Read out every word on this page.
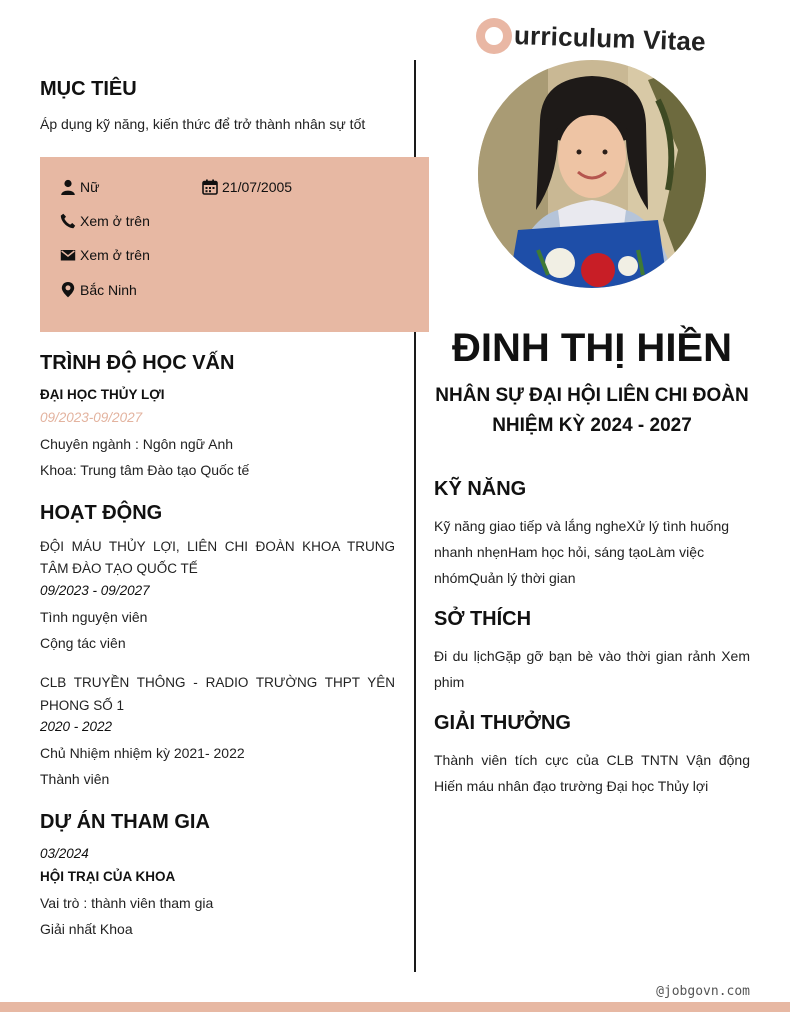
urriculum Vitae
MỤC TIÊU
Áp dụng kỹ năng, kiến thức để trở thành nhân sự tốt
Nữ	21/07/2005
Xem ở trên
Xem ở trên
Bắc Ninh
TRÌNH ĐỘ HỌC VẤN
ĐẠI HỌC THỦY LỢI
09/2023-09/2027
Chuyên ngành : Ngôn ngữ Anh
Khoa: Trung tâm Đào tạo Quốc tế
HOẠT ĐỘNG
ĐỘI MÁU THỦY LỢI, LIÊN CHI ĐOÀN KHOA TRUNG TÂM ĐÀO TẠO QUỐC TẾ
09/2023 - 09/2027
Tình nguyện viên
Cộng tác viên
CLB TRUYỀN THÔNG - RADIO TRƯỜNG THPT YÊN PHONG SỐ 1
2020 - 2022
Chủ Nhiệm nhiệm kỳ 2021- 2022
Thành viên
DỰ ÁN THAM GIA
03/2024
HỘI TRẠI CỦA KHOA
Vai trò : thành viên tham gia
Giải nhất Khoa
ĐINH THỊ HIỀN
NHÂN SỰ ĐẠI HỘI LIÊN CHI ĐOÀN
NHIỆM KỲ 2024 - 2027
KỸ NĂNG
Kỹ năng giao tiếp và lắng ngheXử lý tình huống nhanh nhẹnHam học hỏi, sáng tạoLàm việc nhómQuản lý thời gian
SỞ THÍCH
Đi du lịchGặp gỡ bạn bè vào thời gian rảnh Xem phim
GIẢI THƯỞNG
Thành viên tích cực của CLB TNTN Vận động Hiến máu nhân đạo trường Đại học Thủy lợi
@jobgovn.com
